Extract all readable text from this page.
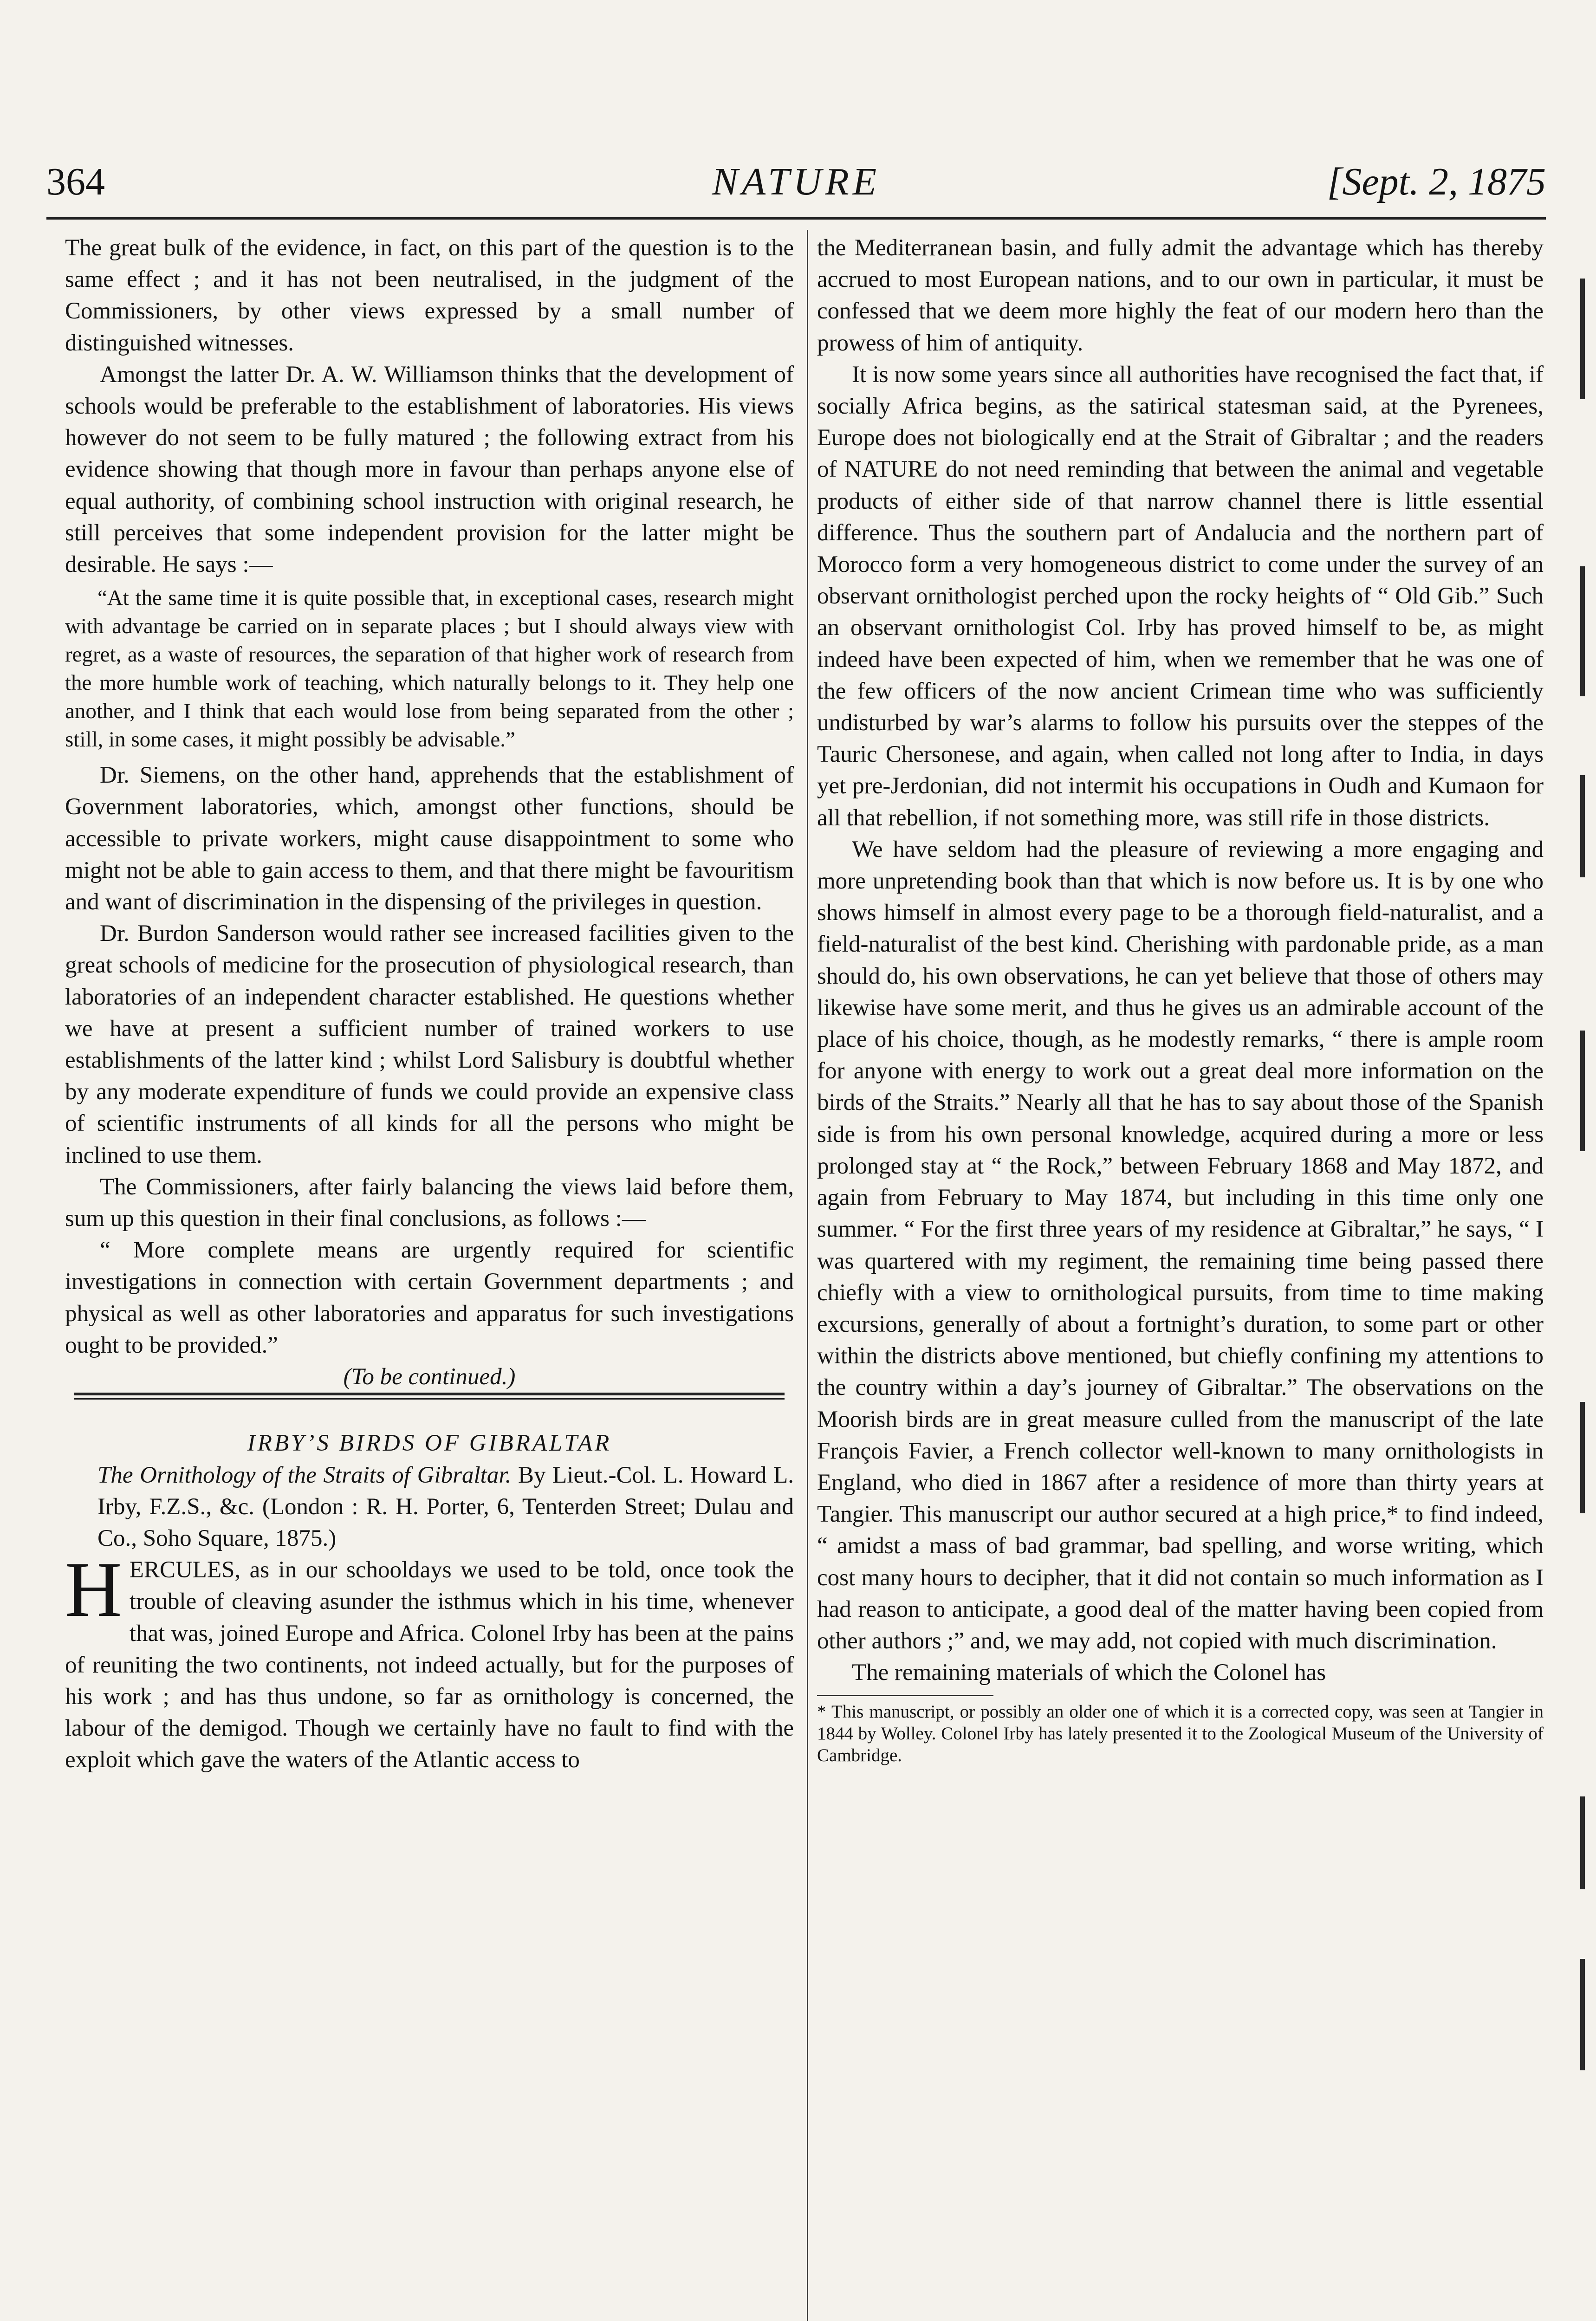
364	NATURE	[Sept. 2, 1875

The great bulk of the evidence, in fact, on this part of the question is to the same effect ; and it has not been neutralised, in the judgment of the Commissioners, by other views expressed by a small number of distinguished witnesses.

Amongst the latter Dr. A. W. Williamson thinks that the development of schools would be preferable to the establishment of laboratories. His views however do not seem to be fully matured ; the following extract from his evidence showing that though more in favour than perhaps anyone else of equal authority, of combining school instruction with original research, he still perceives that some independent provision for the latter might be desirable. He says :—

“At the same time it is quite possible that, in exceptional cases, research might with advantage be carried on in separate places ; but I should always view with regret, as a waste of resources, the separation of that higher work of research from the more humble work of teaching, which naturally belongs to it. They help one another, and I think that each would lose from being separated from the other ; still, in some cases, it might possibly be advisable.”

Dr. Siemens, on the other hand, apprehends that the establishment of Government laboratories, which, amongst other functions, should be accessible to private workers, might cause disappointment to some who might not be able to gain access to them, and that there might be favouritism and want of discrimination in the dispensing of the privileges in question.

Dr. Burdon Sanderson would rather see increased facilities given to the great schools of medicine for the prosecution of physiological research, than laboratories of an independent character established. He questions whether we have at present a sufficient number of trained workers to use establishments of the latter kind ; whilst Lord Salisbury is doubtful whether by any moderate expenditure of funds we could provide an expensive class of scientific instruments of all kinds for all the persons who might be inclined to use them.

The Commissioners, after fairly balancing the views laid before them, sum up this question in their final conclusions, as follows :—

“ More complete means are urgently required for scientific investigations in connection with certain Government departments ; and physical as well as other laboratories and apparatus for such investigations ought to be provided.”

(To be continued.)

IRBY’S BIRDS OF GIBRALTAR

The Ornithology of the Straits of Gibraltar. By Lieut.-Col. L. Howard L. Irby, F.Z.S., &c. (London : R. H. Porter, 6, Tenterden Street; Dulau and Co., Soho Square, 1875.)

HERCULES, as in our schooldays we used to be told, once took the trouble of cleaving asunder the isthmus which in his time, whenever that was, joined Europe and Africa. Colonel Irby has been at the pains of reuniting the two continents, not indeed actually, but for the purposes of his work ; and has thus undone, so far as ornithology is concerned, the labour of the demigod. Though we certainly have no fault to find with the exploit which gave the waters of the Atlantic access to

the Mediterranean basin, and fully admit the advantage which has thereby accrued to most European nations, and to our own in particular, it must be confessed that we deem more highly the feat of our modern hero than the prowess of him of antiquity.

It is now some years since all authorities have recognised the fact that, if socially Africa begins, as the satirical statesman said, at the Pyrenees, Europe does not biologically end at the Strait of Gibraltar ; and the readers of NATURE do not need reminding that between the animal and vegetable products of either side of that narrow channel there is little essential difference. Thus the southern part of Andalucia and the northern part of Morocco form a very homogeneous district to come under the survey of an observant ornithologist perched upon the rocky heights of “ Old Gib.” Such an observant ornithologist Col. Irby has proved himself to be, as might indeed have been expected of him, when we remember that he was one of the few officers of the now ancient Crimean time who was sufficiently undisturbed by war’s alarms to follow his pursuits over the steppes of the Tauric Chersonese, and again, when called not long after to India, in days yet pre-Jerdonian, did not intermit his occupations in Oudh and Kumaon for all that rebellion, if not something more, was still rife in those districts.

We have seldom had the pleasure of reviewing a more engaging and more unpretending book than that which is now before us. It is by one who shows himself in almost every page to be a thorough field-naturalist, and a field-naturalist of the best kind. Cherishing with pardonable pride, as a man should do, his own observations, he can yet believe that those of others may likewise have some merit, and thus he gives us an admirable account of the place of his choice, though, as he modestly remarks, “ there is ample room for anyone with energy to work out a great deal more information on the birds of the Straits.” Nearly all that he has to say about those of the Spanish side is from his own personal knowledge, acquired during a more or less prolonged stay at “ the Rock,” between February 1868 and May 1872, and again from February to May 1874, but including in this time only one summer. “ For the first three years of my residence at Gibraltar,” he says, “ I was quartered with my regiment, the remaining time being passed there chiefly with a view to ornithological pursuits, from time to time making excursions, generally of about a fortnight’s duration, to some part or other within the districts above mentioned, but chiefly confining my attentions to the country within a day’s journey of Gibraltar.” The observations on the Moorish birds are in great measure culled from the manuscript of the late François Favier, a French collector well-known to many ornithologists in England, who died in 1867 after a residence of more than thirty years at Tangier. This manuscript our author secured at a high price,* to find indeed, “ amidst a mass of bad grammar, bad spelling, and worse writing, which cost many hours to decipher, that it did not contain so much information as I had reason to anticipate, a good deal of the matter having been copied from other authors ;” and, we may add, not copied with much discrimination.

The remaining materials of which the Colonel has

* This manuscript, or possibly an older one of which it is a corrected copy, was seen at Tangier in 1844 by Wolley. Colonel Irby has lately presented it to the Zoological Museum of the University of Cambridge.
